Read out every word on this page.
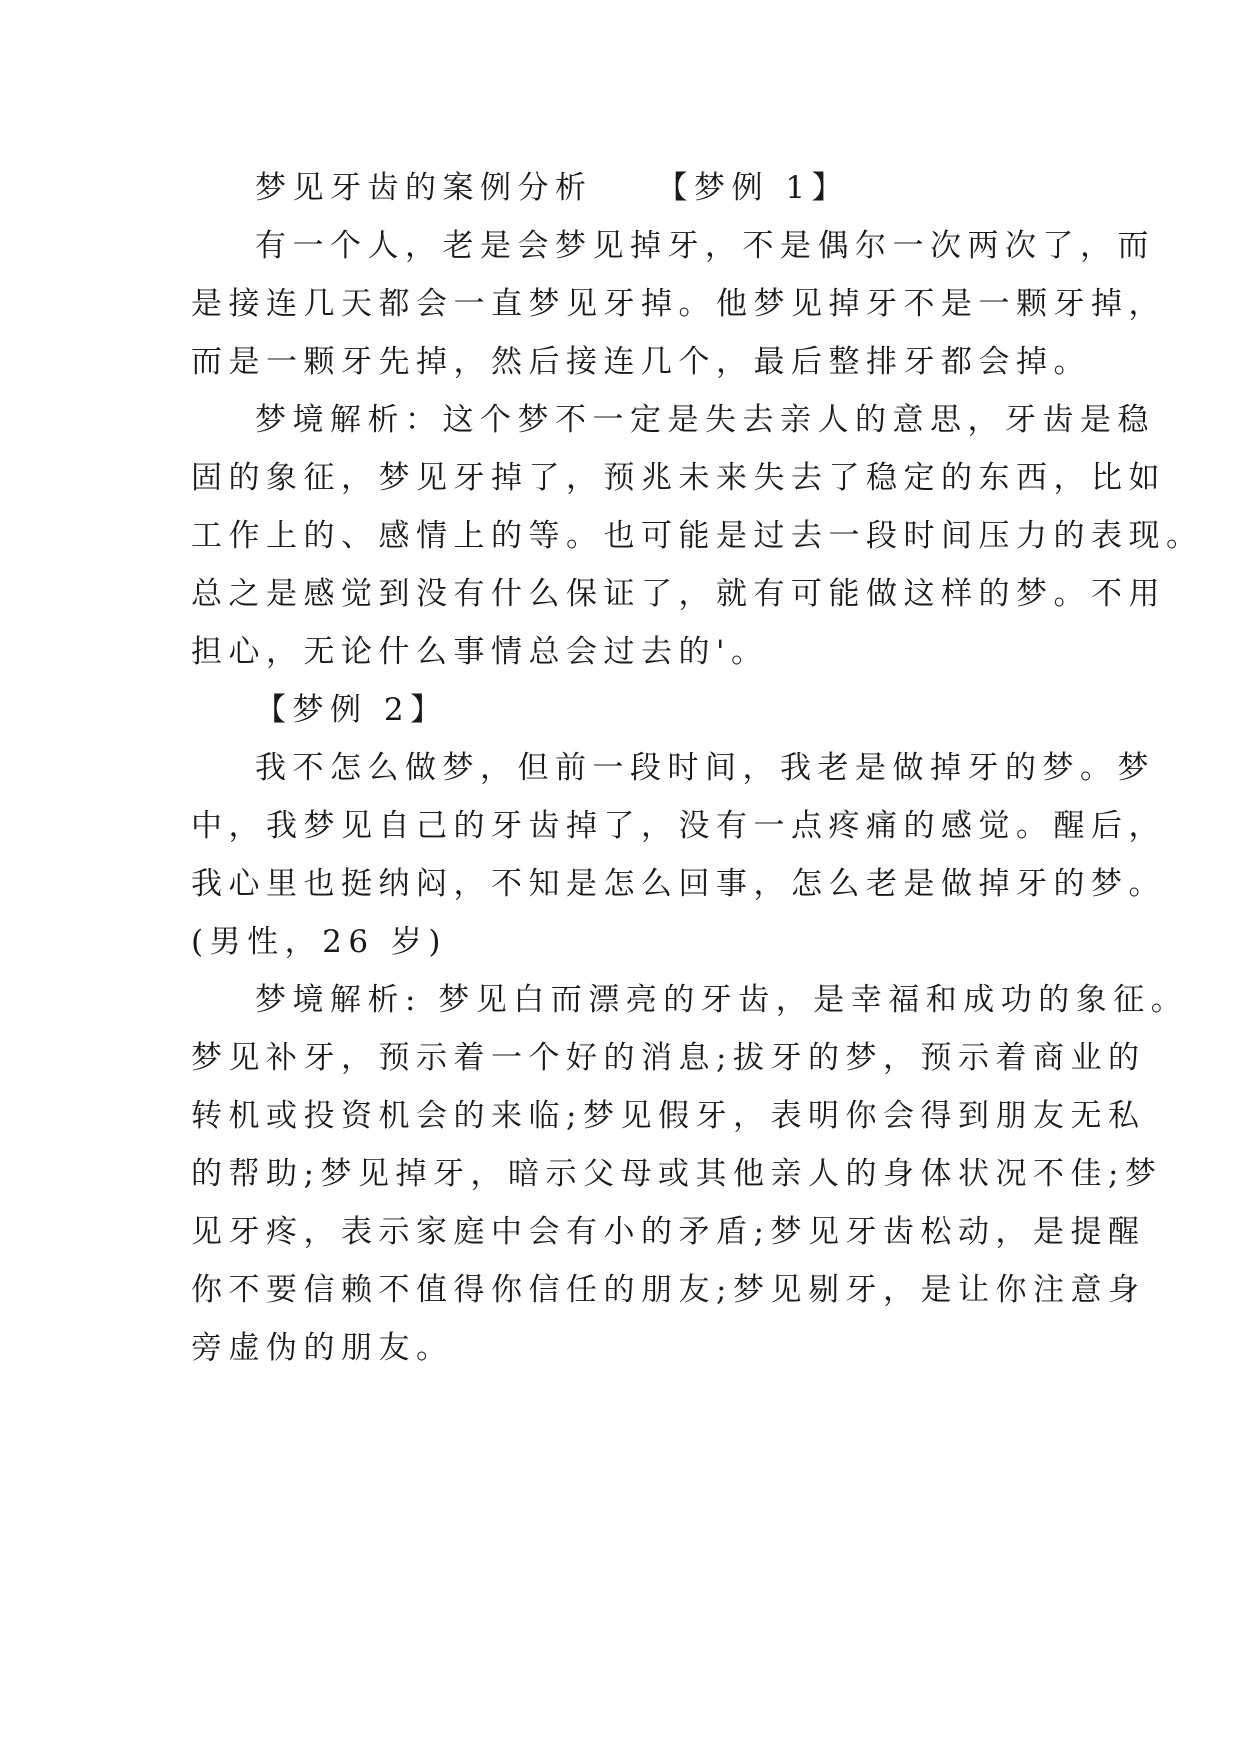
梦见牙齿的案例分析 【梦例 1】
有一个人，老是会梦见掉牙，不是偶尔一次两次了，而
是接连几天都会一直梦见牙掉。他梦见掉牙不是一颗牙掉，
而是一颗牙先掉，然后接连几个，最后整排牙都会掉。
梦境解析：这个梦不一定是失去亲人的意思，牙齿是稳
固的象征，梦见牙掉了，预兆未来失去了稳定的东西，比如
工作上的、感情上的等。也可能是过去一段时间压力的表现。
总之是感觉到没有什么保证了，就有可能做这样的梦。不用
担心，无论什么事情总会过去的'。
【梦例 2】
我不怎么做梦，但前一段时间，我老是做掉牙的梦。梦
中，我梦见自己的牙齿掉了，没有一点疼痛的感觉。醒后，
我心里也挺纳闷，不知是怎么回事，怎么老是做掉牙的梦。
(男性，26 岁)
梦境解析: 梦见白而漂亮的牙齿，是幸福和成功的象征。
梦见补牙，预示着一个好的消息;拔牙的梦，预示着商业的
转机或投资机会的来临;梦见假牙，表明你会得到朋友无私
的帮助;梦见掉牙，暗示父母或其他亲人的身体状况不佳;梦
见牙疼，表示家庭中会有小的矛盾;梦见牙齿松动，是提醒
你不要信赖不值得你信任的朋友;梦见剔牙，是让你注意身
旁虚伪的朋友。
